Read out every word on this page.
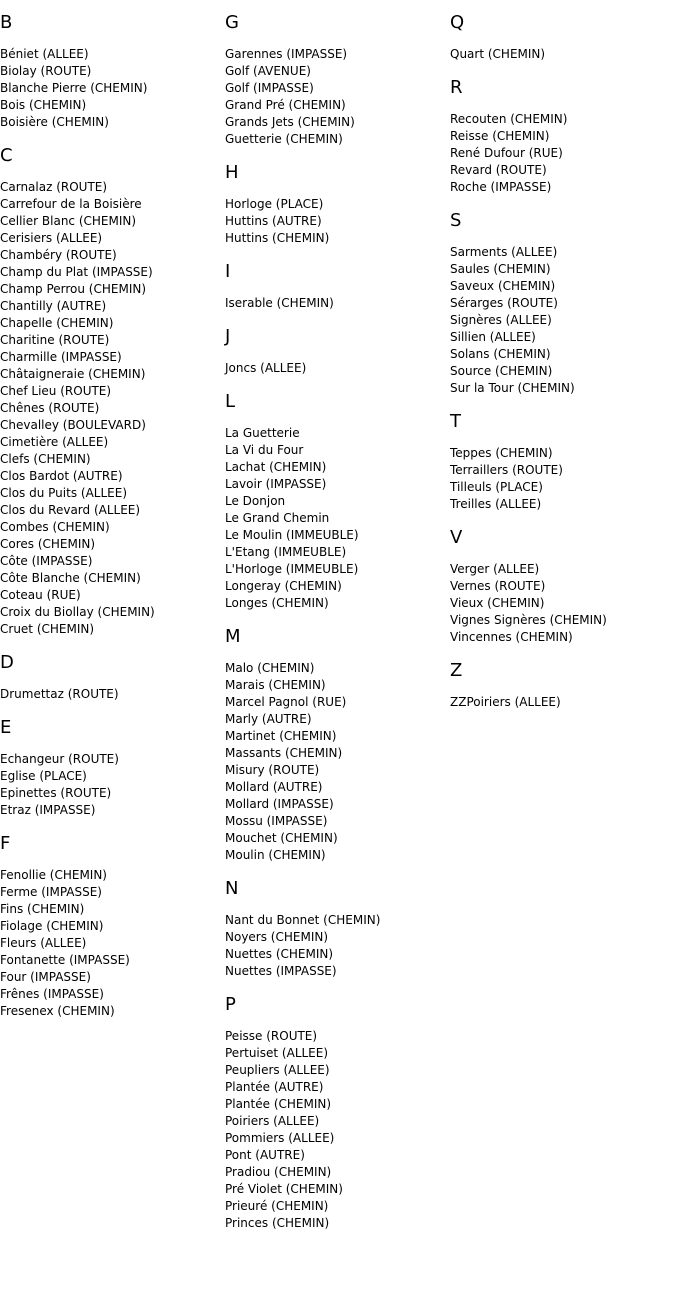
B
Béniet (ALLEE)
Biolay (ROUTE)
Blanche Pierre (CHEMIN)
Bois (CHEMIN)
Boisière (CHEMIN)
C
Carnalaz (ROUTE)
Carrefour de la Boisière
Cellier Blanc (CHEMIN)
Cerisiers (ALLEE)
Chambéry (ROUTE)
Champ du Plat (IMPASSE)
Champ Perrou (CHEMIN)
Chantilly (AUTRE)
Chapelle (CHEMIN)
Charitine (ROUTE)
Charmille (IMPASSE)
Châtaigneraie (CHEMIN)
Chef Lieu (ROUTE)
Chênes (ROUTE)
Chevalley (BOULEVARD)
Cimetière (ALLEE)
Clefs (CHEMIN)
Clos Bardot (AUTRE)
Clos du Puits (ALLEE)
Clos du Revard (ALLEE)
Combes (CHEMIN)
Cores (CHEMIN)
Côte (IMPASSE)
Côte Blanche (CHEMIN)
Coteau (RUE)
Croix du Biollay (CHEMIN)
Cruet (CHEMIN)
D
Drumettaz (ROUTE)
E
Echangeur (ROUTE)
Eglise (PLACE)
Epinettes (ROUTE)
Etraz (IMPASSE)
F
Fenollie (CHEMIN)
Ferme (IMPASSE)
Fins (CHEMIN)
Fiolage (CHEMIN)
Fleurs (ALLEE)
Fontanette (IMPASSE)
Four (IMPASSE)
Frênes (IMPASSE)
Fresenex (CHEMIN)
G
Garennes (IMPASSE)
Golf (AVENUE)
Golf (IMPASSE)
Grand Pré (CHEMIN)
Grands Jets (CHEMIN)
Guetterie (CHEMIN)
H
Horloge (PLACE)
Huttins (AUTRE)
Huttins (CHEMIN)
I
Iserable (CHEMIN)
J
Joncs (ALLEE)
L
La Guetterie
La Vi du Four
Lachat (CHEMIN)
Lavoir (IMPASSE)
Le Donjon
Le Grand Chemin
Le Moulin (IMMEUBLE)
L'Etang (IMMEUBLE)
L'Horloge (IMMEUBLE)
Longeray (CHEMIN)
Longes (CHEMIN)
M
Malo (CHEMIN)
Marais (CHEMIN)
Marcel Pagnol (RUE)
Marly (AUTRE)
Martinet (CHEMIN)
Massants (CHEMIN)
Misury (ROUTE)
Mollard (AUTRE)
Mollard (IMPASSE)
Mossu (IMPASSE)
Mouchet (CHEMIN)
Moulin (CHEMIN)
N
Nant du Bonnet (CHEMIN)
Noyers (CHEMIN)
Nuettes (CHEMIN)
Nuettes (IMPASSE)
P
Peisse (ROUTE)
Pertuiset (ALLEE)
Peupliers (ALLEE)
Plantée (AUTRE)
Plantée (CHEMIN)
Poiriers (ALLEE)
Pommiers (ALLEE)
Pont (AUTRE)
Pradiou (CHEMIN)
Pré Violet (CHEMIN)
Prieuré (CHEMIN)
Princes (CHEMIN)
Q
Quart (CHEMIN)
R
Recouten (CHEMIN)
Reisse (CHEMIN)
René Dufour (RUE)
Revard (ROUTE)
Roche (IMPASSE)
S
Sarments (ALLEE)
Saules (CHEMIN)
Saveux (CHEMIN)
Sérarges (ROUTE)
Signères (ALLEE)
Sillien (ALLEE)
Solans (CHEMIN)
Source (CHEMIN)
Sur la Tour (CHEMIN)
T
Teppes (CHEMIN)
Terraillers (ROUTE)
Tilleuls (PLACE)
Treilles (ALLEE)
V
Verger (ALLEE)
Vernes (ROUTE)
Vieux (CHEMIN)
Vignes Signères (CHEMIN)
Vincennes (CHEMIN)
Z
ZZPoiriers (ALLEE)
